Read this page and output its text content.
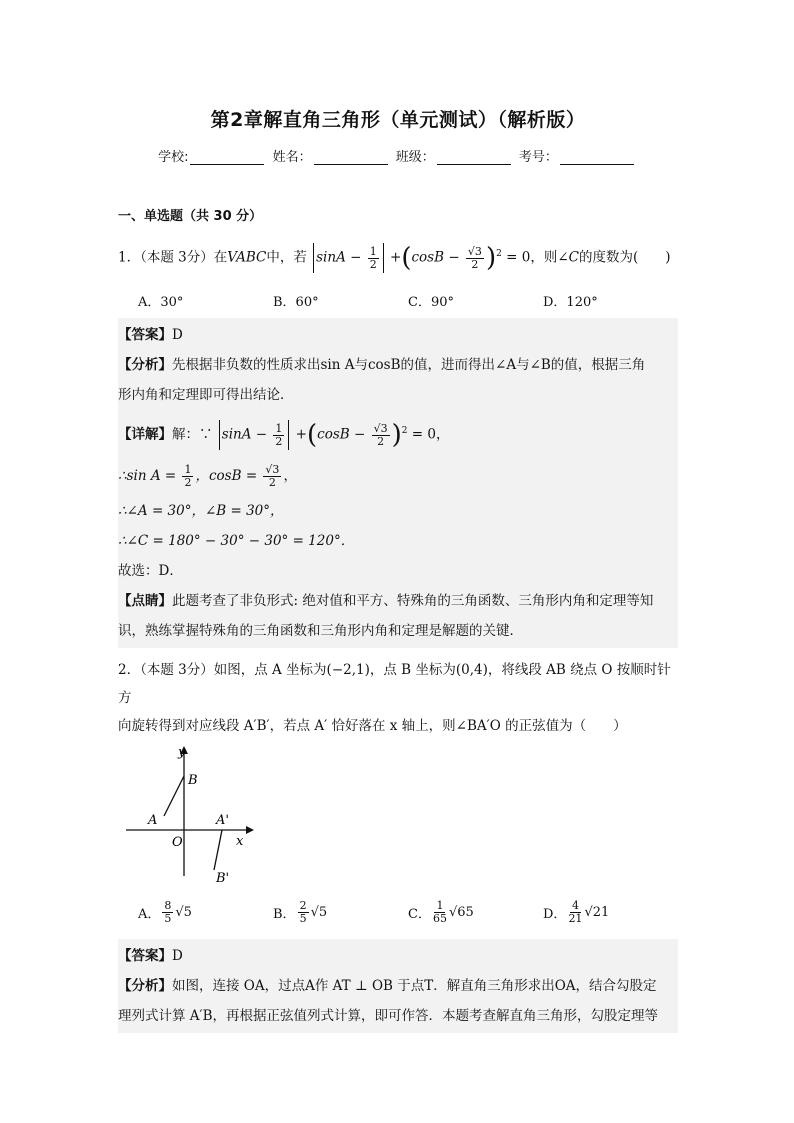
第2章解直角三角形（单元测试）（解析版）
学校:	姓名：	班级：	考号：
一、单选题（共 30 分）
1．（本题 3分）在VABC中，若 $\sin A - \frac{1}{2} +(\cos B - \frac{√3}{2} )^2 = 0$，则∠C的度数为(　　)
A．30°	B．60°	C．90°	D．120°
【答案】D
【分析】先根据非负数的性质求出sin A与cosB的值，进而得出∠A与∠B的值，根据三角
形内角和定理即可得出结论．
【详解】解：∵ $\sin A - \frac{1}{2} +(\cos B - \frac{√3}{2} )^2 = 0$，
∴sin $A = \frac{1}{2}$ ，$\cos B = \frac{√3}{2}$ ，
∴∠A = 30°，∠B = 30°，
∴∠C = 180° − 30° − 30° = 120°．
故选：D．
【点睛】此题考查了非负形式: 绝对值和平方、特殊角的三角函数、三角形内角和定理等知
识，熟练掌握特殊角的三角函数和三角形内角和定理是解题的关键．
2．（本题 3分）如图，点 A 坐标为(−2,1)，点 B 坐标为(0,4)，将线段 AB 绕点 O 按顺时针方
向旋转得到对应线段 A′B′，若点 A′ 恰好落在 x 轴上，则∠BA′O 的正弦值为（　　）
y
x
O
A
B
A'
B'
A． $\frac{8}{5} √5$	B． $\frac{2}{5} √5$	C． $\frac{1}{65} √65$	D． $\frac{4}{21} √21$
【答案】D
【分析】如图，连接 OA，过点A作 AT ⊥ OB 于点T．解直角三角形求出OA，结合勾股定
理列式计算 A′B，再根据正弦值列式计算，即可作答．本题考查解直角三角形，勾股定理等
